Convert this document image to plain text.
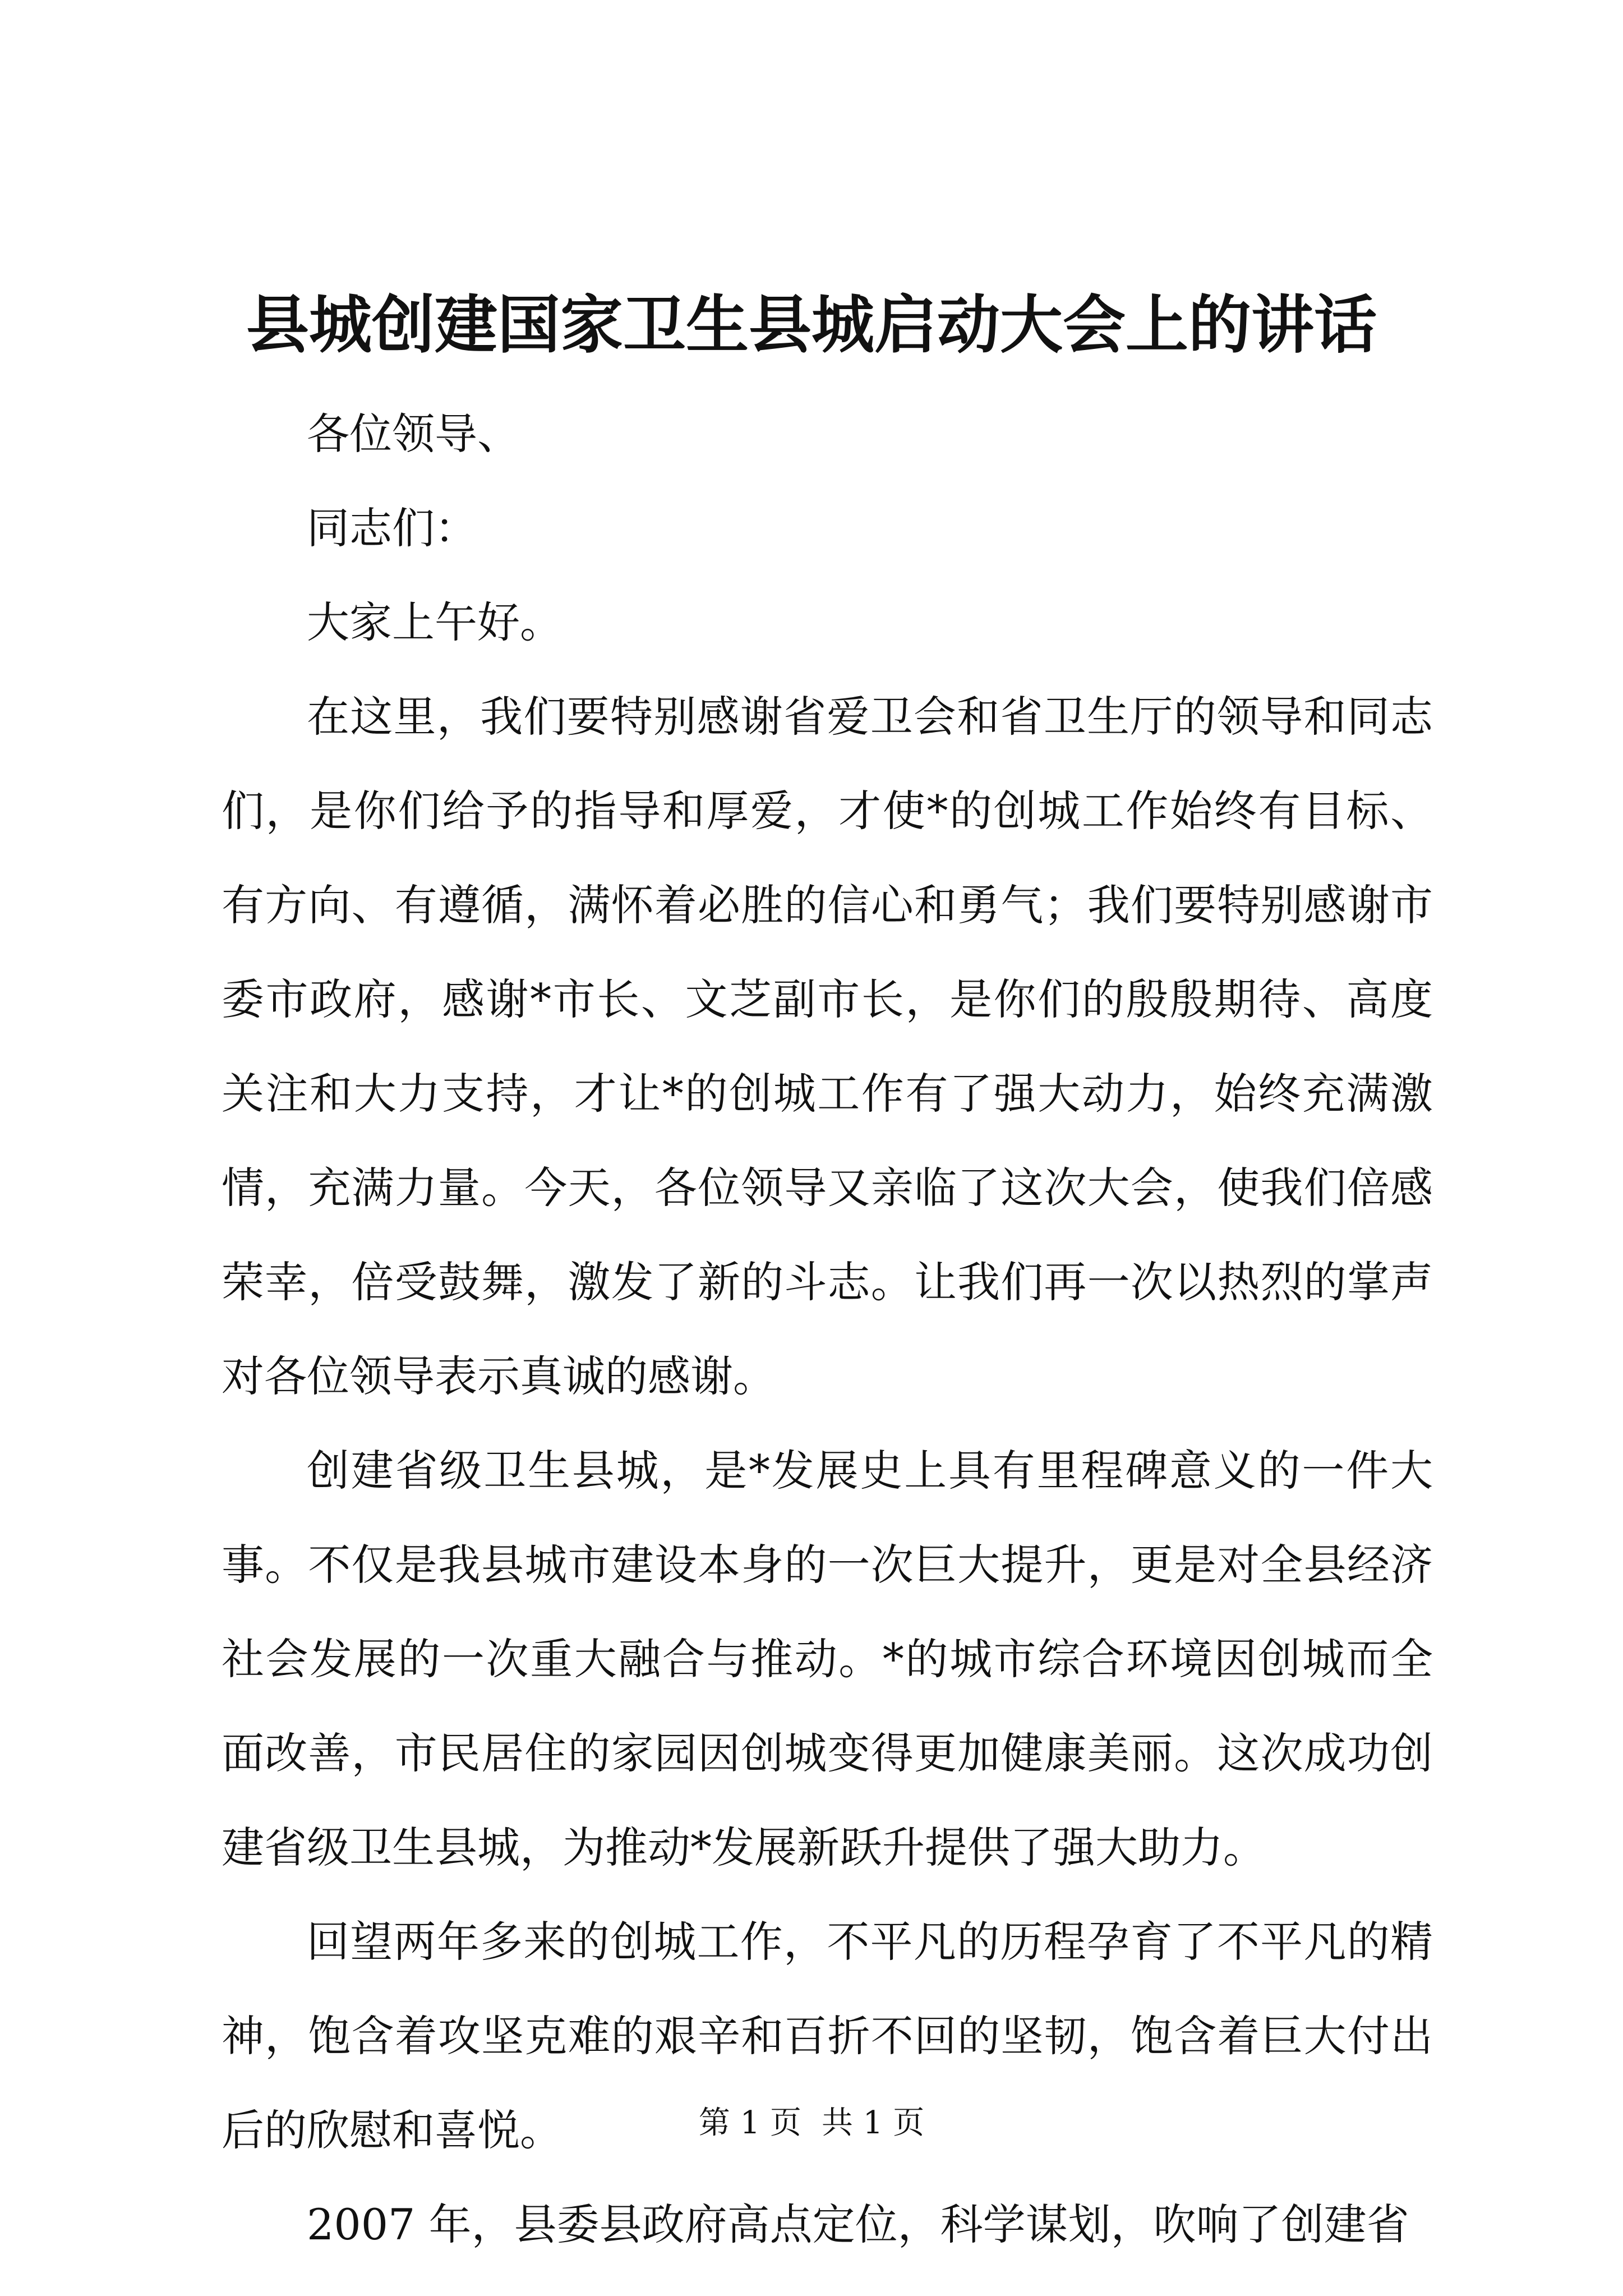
县城创建国家卫生县城启动大会上的讲话

各位领导、

同志们：

大家上午好。

在这里，我们要特别感谢省爱卫会和省卫生厅的领导和同志们，是你们给予的指导和厚爱，才使*的创城工作始终有目标、有方向、有遵循，满怀着必胜的信心和勇气；我们要特别感谢市委市政府，感谢*市长、文芝副市长，是你们的殷殷期待、高度关注和大力支持，才让*的创城工作有了强大动力，始终充满激情，充满力量。今天，各位领导又亲临了这次大会，使我们倍感荣幸，倍受鼓舞，激发了新的斗志。让我们再一次以热烈的掌声对各位领导表示真诚的感谢。

创建省级卫生县城，是*发展史上具有里程碑意义的一件大事。不仅是我县城市建设本身的一次巨大提升，更是对全县经济社会发展的一次重大融合与推动。*的城市综合环境因创城而全面改善，市民居住的家园因创城变得更加健康美丽。这次成功创建省级卫生县城，为推动*发展新跃升提供了强大助力。

回望两年多来的创城工作，不平凡的历程孕育了不平凡的精神，饱含着攻坚克难的艰辛和百折不回的坚韧，饱含着巨大付出后的欣慰和喜悦。

2007 年，县委县政府高点定位，科学谋划，吹响了创建省

第 1 页 共 1 页
